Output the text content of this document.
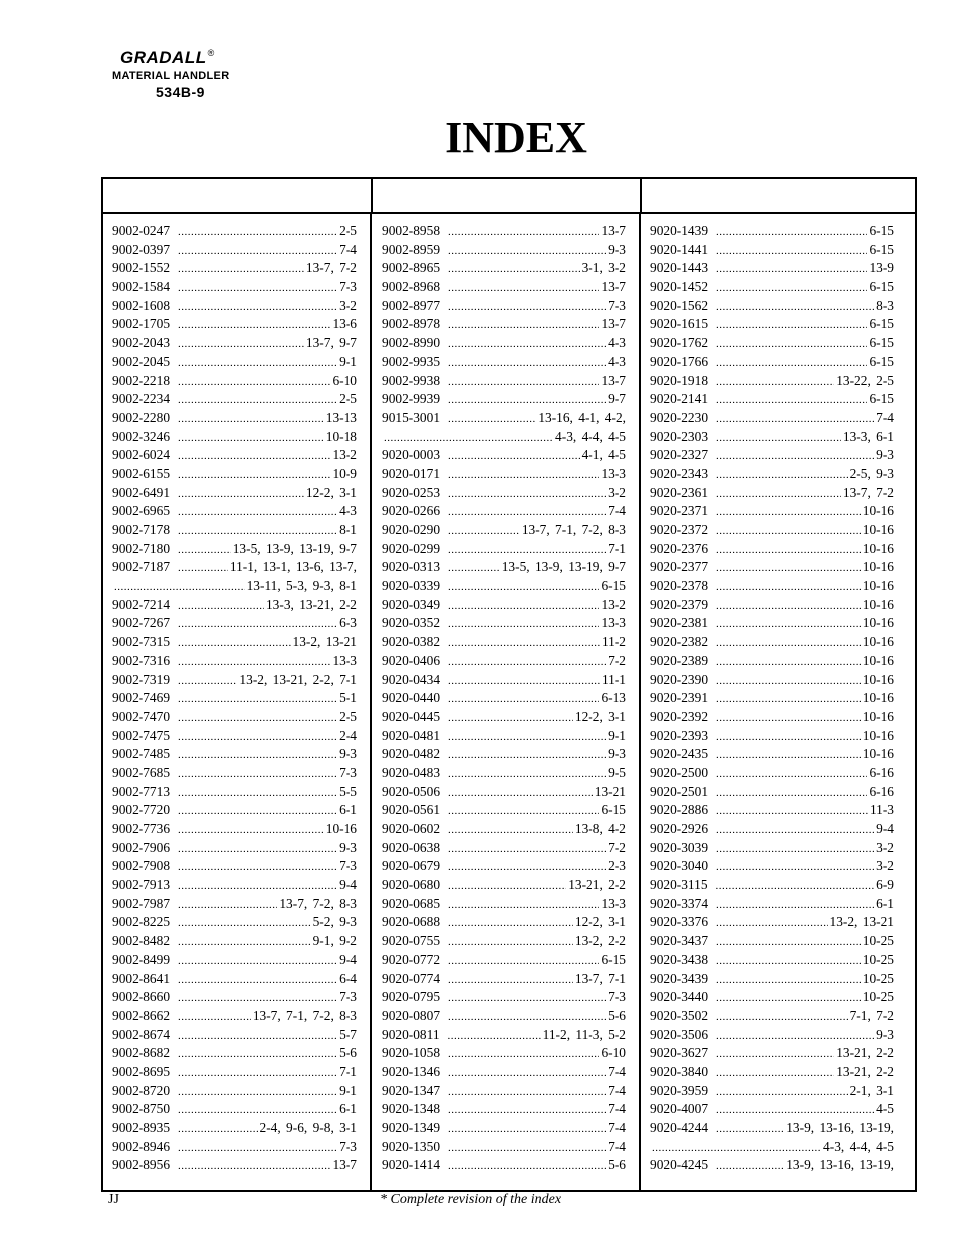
GRADALL®
MATERIAL HANDLER
534B-9
INDEX
9002-0247 .....	2-5
9002-0397 .....	7-4
9002-1552 .....	13-7, 7-2
9002-1584 .....	7-3
9002-1608 .....	3-2
9002-1705 .....	13-6
9002-2043 .....	13-7, 9-7
9002-2045 .....	9-1
9002-2218 .....	6-10
9002-2234 .....	2-5
9002-2280 .....	13-13
9002-3246 .....	10-18
9002-6024 .....	13-2
9002-6155 .....	10-9
9002-6491 .....	12-2, 3-1
9002-6965 .....	4-3
9002-7178 .....	8-1
9002-7180 .....	13-5, 13-9, 13-19, 9-7
9002-7187 .....	11-1, 13-1, 13-6, 13-7,
.....
13-11, 5-3, 9-3, 8-1
9002-7214 .....	13-3, 13-21, 2-2
9002-7267 .....	6-3
9002-7315 .....	13-2, 13-21
9002-7316 .....	13-3
9002-7319 .....	13-2, 13-21, 2-2, 7-1
9002-7469 .....	5-1
9002-7470 .....	2-5
9002-7475 .....	2-4
9002-7485 .....	9-3
9002-7685 .....	7-3
9002-7713 .....	5-5
9002-7720 .....	6-1
9002-7736 .....	10-16
9002-7906 .....	9-3
9002-7908 .....	7-3
9002-7913 .....	9-4
9002-7987 .....	13-7, 7-2, 8-3
9002-8225 .....	5-2, 9-3
9002-8482 .....	9-1, 9-2
9002-8499 .....	9-4
9002-8641 .....	6-4
9002-8660 .....	7-3
9002-8662 .....	13-7, 7-1, 7-2, 8-3
9002-8674 .....	5-7
9002-8682 .....	5-6
9002-8695 .....	7-1
9002-8720 .....	9-1
9002-8750 .....	6-1
9002-8935 .....	2-4, 9-6, 9-8, 3-1
9002-8946 .....	7-3
9002-8956 .....	13-7
9002-8958 .....	13-7
9002-8959 .....	9-3
9002-8965 .....	3-1, 3-2
9002-8968 .....	13-7
9002-8977 .....	7-3
9002-8978 .....	13-7
9002-8990 .....	4-3
9002-9935 .....	4-3
9002-9938 .....	13-7
9002-9939 .....	9-7
9015-3001 .....	13-16, 4-1, 4-2,
.....
4-3, 4-4, 4-5
9020-0003 .....	4-1, 4-5
9020-0171 .....	13-3
9020-0253 .....	3-2
9020-0266 .....	7-4
9020-0290 .....	13-7, 7-1, 7-2, 8-3
9020-0299 .....	7-1
9020-0313 .....	13-5, 13-9, 13-19, 9-7
9020-0339 .....	6-15
9020-0349 .....	13-2
9020-0352 .....	13-3
9020-0382 .....	11-2
9020-0406 .....	7-2
9020-0434 .....	11-1
9020-0440 .....	6-13
9020-0445 .....	12-2, 3-1
9020-0481 .....	9-1
9020-0482 .....	9-3
9020-0483 .....	9-5
9020-0506 .....	13-21
9020-0561 .....	6-15
9020-0602 .....	13-8, 4-2
9020-0638 .....	7-2
9020-0679 .....	2-3
9020-0680 .....	13-21, 2-2
9020-0685 .....	13-3
9020-0688 .....	12-2, 3-1
9020-0755 .....	13-2, 2-2
9020-0772 .....	6-15
9020-0774 .....	13-7, 7-1
9020-0795 .....	7-3
9020-0807 .....	5-6
9020-0811 .....	11-2, 11-3, 5-2
9020-1058 .....	6-10
9020-1346 .....	7-4
9020-1347 .....	7-4
9020-1348 .....	7-4
9020-1349 .....	7-4
9020-1350 .....	7-4
9020-1414 .....	5-6
9020-1439 .....	6-15
9020-1441 .....	6-15
9020-1443 .....	13-9
9020-1452 .....	6-15
9020-1562 .....	8-3
9020-1615 .....	6-15
9020-1762 .....	6-15
9020-1766 .....	6-15
9020-1918 .....	13-22, 2-5
9020-2141 .....	6-15
9020-2230 .....	7-4
9020-2303 .....	13-3, 6-1
9020-2327 .....	9-3
9020-2343 .....	2-5, 9-3
9020-2361 .....	13-7, 7-2
9020-2371 .....	10-16
9020-2372 .....	10-16
9020-2376 .....	10-16
9020-2377 .....	10-16
9020-2378 .....	10-16
9020-2379 .....	10-16
9020-2381 .....	10-16
9020-2382 .....	10-16
9020-2389 .....	10-16
9020-2390 .....	10-16
9020-2391 .....	10-16
9020-2392 .....	10-16
9020-2393 .....	10-16
9020-2435 .....	10-16
9020-2500 .....	6-16
9020-2501 .....	6-16
9020-2886 .....	11-3
9020-2926 .....	9-4
9020-3039 .....	3-2
9020-3040 .....	3-2
9020-3115 .....	6-9
9020-3374 .....	6-1
9020-3376 .....	13-2, 13-21
9020-3437 .....	10-25
9020-3438 .....	10-25
9020-3439 .....	10-25
9020-3440 .....	10-25
9020-3502 .....	7-1, 7-2
9020-3506 .....	9-3
9020-3627 .....	13-21, 2-2
9020-3840 .....	13-21, 2-2
9020-3959 .....	2-1, 3-1
9020-4007 .....	4-5
9020-4244 .....	13-9, 13-16, 13-19,
.....
4-3, 4-4, 4-5
9020-4245 .....	13-9, 13-16, 13-19,
JJ	* Complete revision of the index
